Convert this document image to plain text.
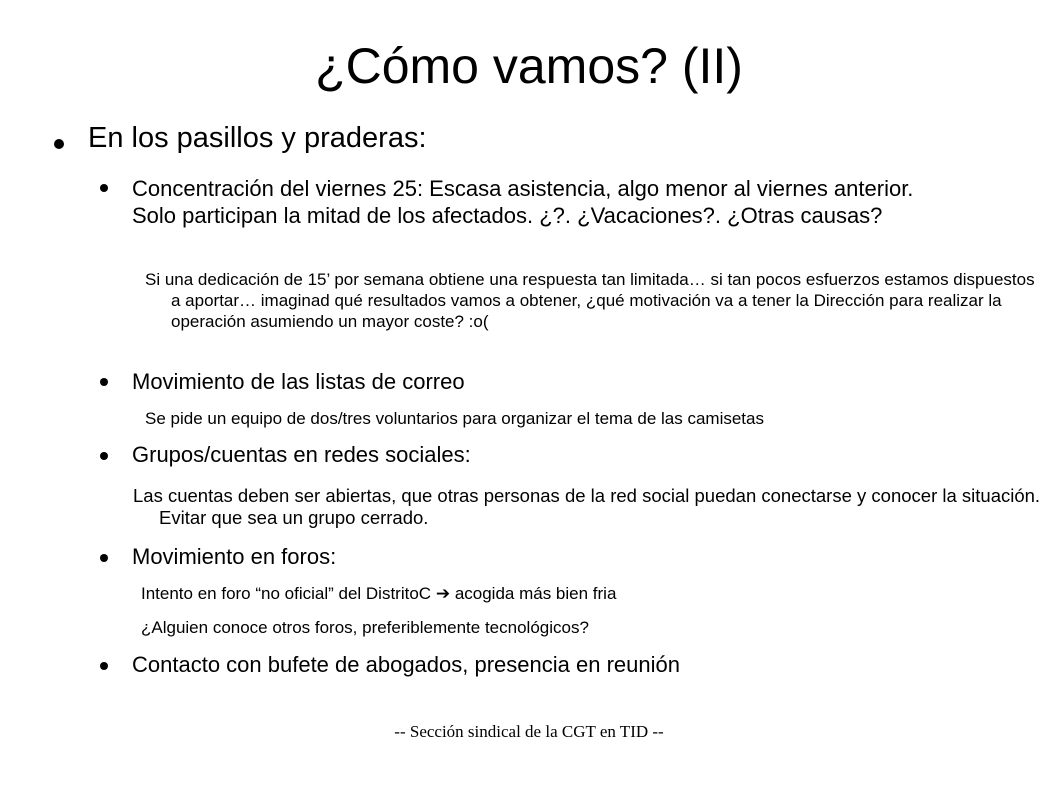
¿Cómo vamos? (II)
En los pasillos y praderas:
Concentración del viernes 25: Escasa asistencia, algo menor al viernes anterior. Solo participan la mitad de los afectados. ¿?. ¿Vacaciones?. ¿Otras causas?
Si una dedicación de 15’ por semana obtiene una respuesta tan limitada… si tan pocos esfuerzos estamos dispuestos a aportar… imaginad qué resultados vamos a obtener, ¿qué motivación va a tener la Dirección para realizar la operación asumiendo un mayor coste? :o(
Movimiento de las listas de correo
Se pide un equipo de dos/tres voluntarios para organizar el tema de las camisetas
Grupos/cuentas en redes sociales:
Las cuentas deben ser abiertas, que otras personas de la red social puedan conectarse y conocer la situación. Evitar que sea un grupo cerrado.
Movimiento en foros:
Intento en foro “no oficial” del DistritoC ➔ acogida más bien fria
¿Alguien conoce otros foros, preferiblemente tecnológicos?
Contacto con bufete de abogados, presencia en reunión
-- Sección sindical de la CGT en TID --
